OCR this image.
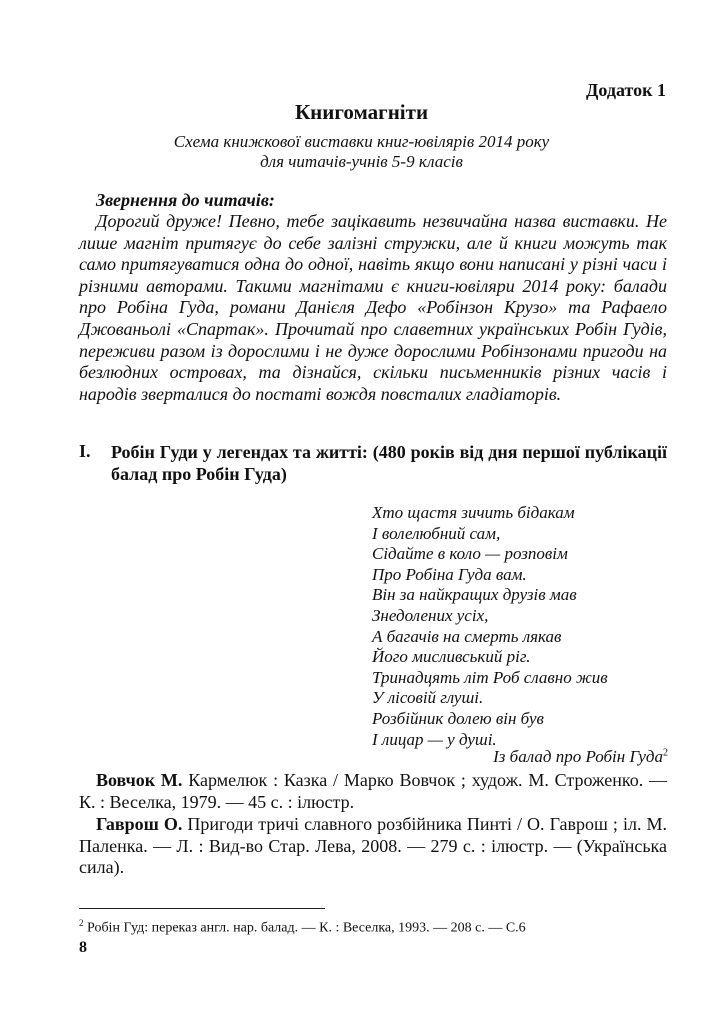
Додаток 1
Книгомагніти
Схема книжкової виставки книг-ювілярів 2014 року
для читачів-учнів 5-9 класів
Звернення до читачів:
Дорогий друже! Певно, тебе зацікавить незвичайна назва виставки. Не лише магніт притягує до себе залізні стружки, але й книги можуть так само притягуватися одна до одної, навіть якщо вони написані у різні часи і різними авторами. Такими магнітами є книги-ювіляри 2014 року: балади про Робіна Гуда, романи Данієля Дефо «Робінзон Крузо» та Рафаело Джованьолі «Спартак». Прочитай про славетних українських Робін Гудів, переживи разом із дорослими і не дуже дорослими Робінзонами пригоди на безлюдних островах, та дізнайся, скільки письменників різних часів і народів зверталися до постаті вождя повсталих гладіаторів.
I. Робін Гуди у легендах та житті: (480 років від дня першої публікації балад про Робін Гуда)
Хто щастя зичить бідакам
І волелюбний сам,
Сідайте в коло — розповім
Про Робіна Гуда вам.
Він за найкращих друзів мав
Знедолених усіх,
А багачів на смерть лякав
Його мисливський ріг.
Тринадцять літ Роб славно жив
У лісовій глуші.
Розбійник долею він був
І лицар — у душі.
Із балад про Робін Гуда$^2$
Вовчок М. Кармелюк : Казка / Марко Вовчок ; худож. М. Строженко. — К. : Веселка, 1979. — 45 с. : ілюстр.
Гаврош О. Пригоди тричі славного розбійника Пинті / О. Гаврош ; іл. М. Паленка. — Л. : Вид-во Стар. Лева, 2008. — 279 с. : ілюстр. — (Українська сила).
$^2$ Робін Гуд: переказ англ. нар. балад. — К. : Веселка, 1993. — 208 с. — С.6
8
